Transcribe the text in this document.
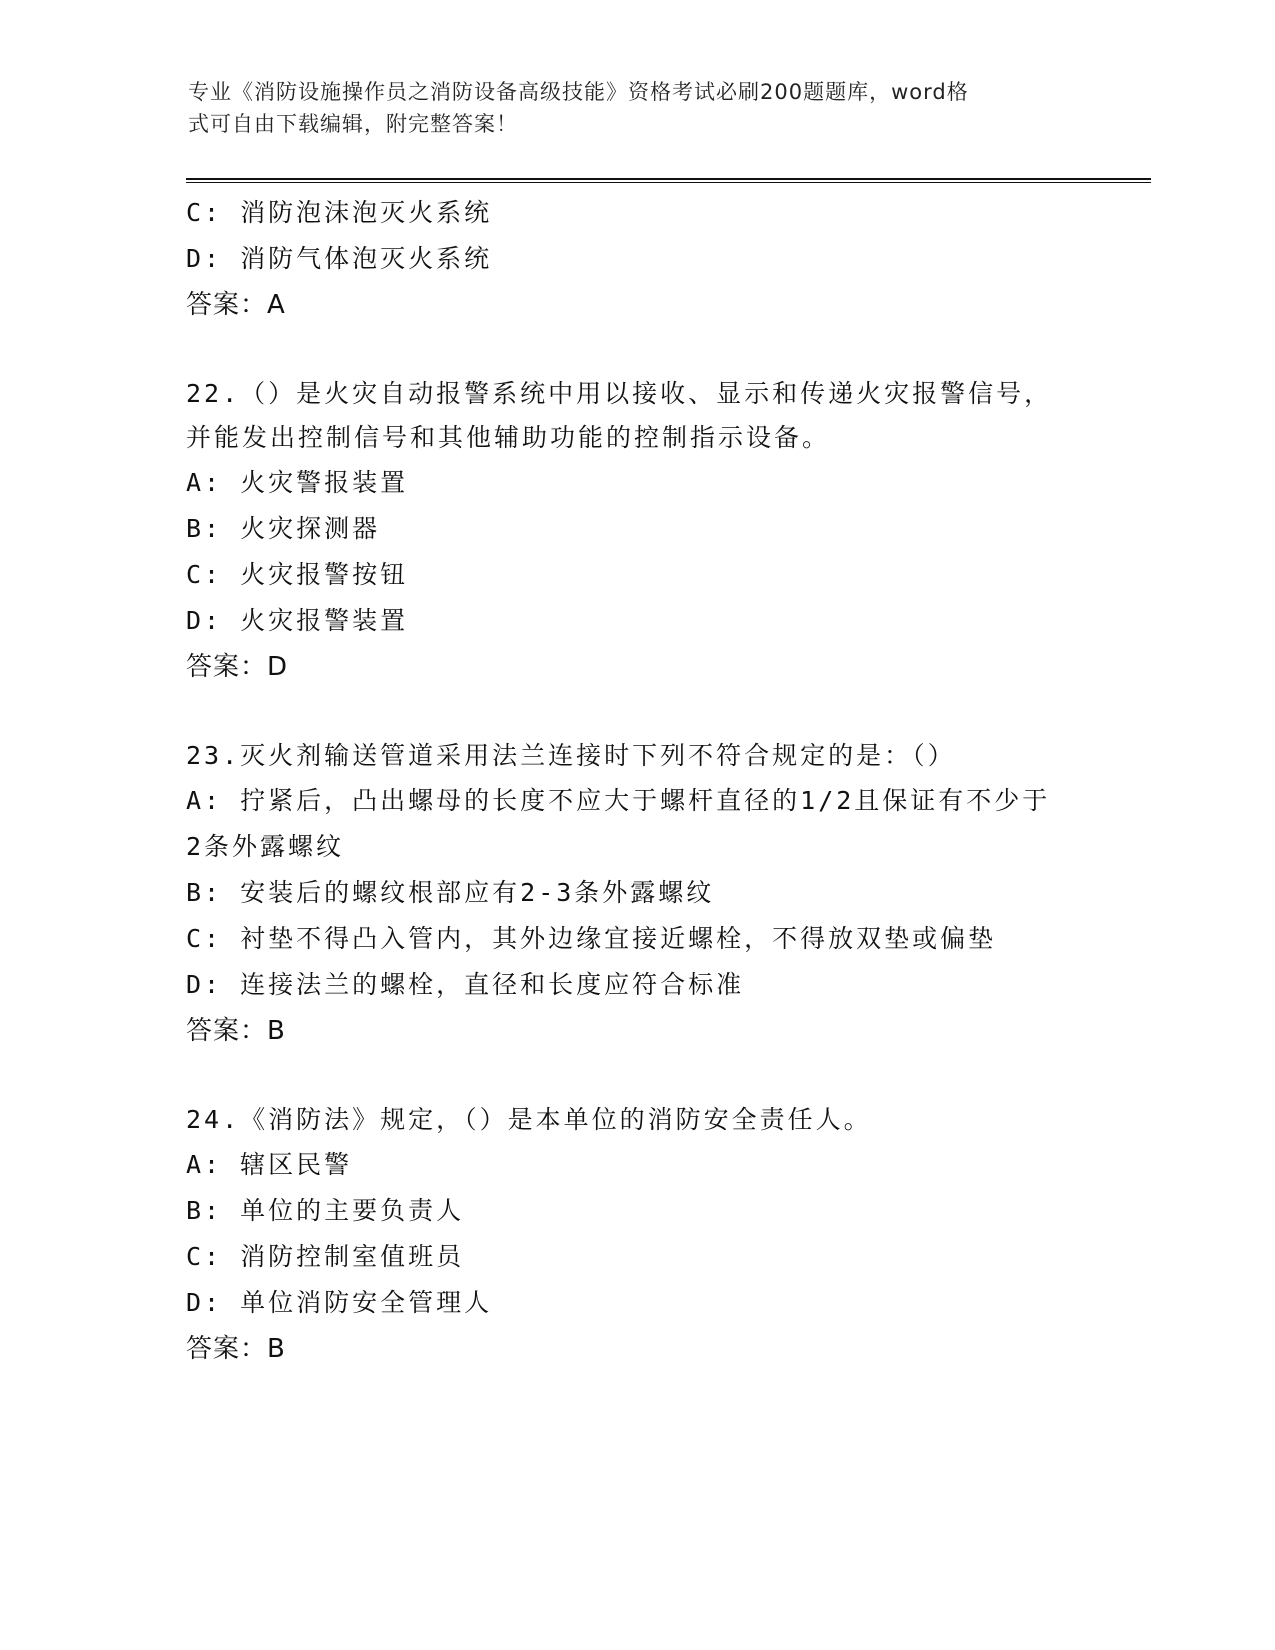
专业《消防设施操作员之消防设备高级技能》资格考试必刷200题题库，word格
式可自由下载编辑，附完整答案！
C: 消防泡沫泡灭火系统
D: 消防气体泡灭火系统
答案：A
22.（）是火灾自动报警系统中用以接收、显示和传递火灾报警信号，
并能发出控制信号和其他辅助功能的控制指示设备。
A: 火灾警报装置
B: 火灾探测器
C: 火灾报警按钮
D: 火灾报警装置
答案：D
23.灭火剂输送管道采用法兰连接时下列不符合规定的是：（）
A: 拧紧后，凸出螺母的长度不应大于螺杆直径的1/2且保证有不少于
2条外露螺纹
B: 安装后的螺纹根部应有2-3条外露螺纹
C: 衬垫不得凸入管内，其外边缘宜接近螺栓，不得放双垫或偏垫
D: 连接法兰的螺栓，直径和长度应符合标准
答案：B
24.《消防法》规定，（）是本单位的消防安全责任人。
A: 辖区民警
B: 单位的主要负责人
C: 消防控制室值班员
D: 单位消防安全管理人
答案：B
